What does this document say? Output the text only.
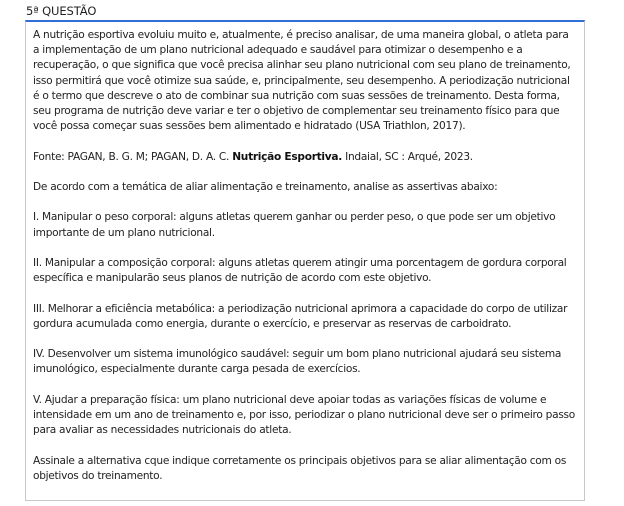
5ª QUESTÃO

A nutrição esportiva evoluiu muito e, atualmente, é preciso analisar, de uma maneira global, o atleta para a implementação de um plano nutricional adequado e saudável para otimizar o desempenho e a recuperação, o que significa que você precisa alinhar seu plano nutricional com seu plano de treinamento, isso permitirá que você otimize sua saúde, e, principalmente, seu desempenho. A periodização nutricional é o termo que descreve o ato de combinar sua nutrição com suas sessões de treinamento. Desta forma, seu programa de nutrição deve variar e ter o objetivo de complementar seu treinamento físico para que você possa começar suas sessões bem alimentado e hidratado (USA Triathlon, 2017).

Fonte: PAGAN, B. G. M; PAGAN, D. A. C. Nutrição Esportiva. Indaial, SC : Arqué, 2023.

De acordo com a temática de aliar alimentação e treinamento, analise as assertivas abaixo:

I. Manipular o peso corporal: alguns atletas querem ganhar ou perder peso, o que pode ser um objetivo importante de um plano nutricional.

II. Manipular a composição corporal: alguns atletas querem atingir uma porcentagem de gordura corporal específica e manipularão seus planos de nutrição de acordo com este objetivo.

III. Melhorar a eficiência metabólica: a periodização nutricional aprimora a capacidade do corpo de utilizar gordura acumulada como energia, durante o exercício, e preservar as reservas de carboidrato.

IV. Desenvolver um sistema imunológico saudável: seguir um bom plano nutricional ajudará seu sistema imunológico, especialmente durante carga pesada de exercícios.

V. Ajudar a preparação física: um plano nutricional deve apoiar todas as variações físicas de volume e intensidade em um ano de treinamento e, por isso, periodizar o plano nutricional deve ser o primeiro passo para avaliar as necessidades nutricionais do atleta.

Assinale a alternativa cque indique corretamente os principais objetivos para se aliar alimentação com os objetivos do treinamento.
